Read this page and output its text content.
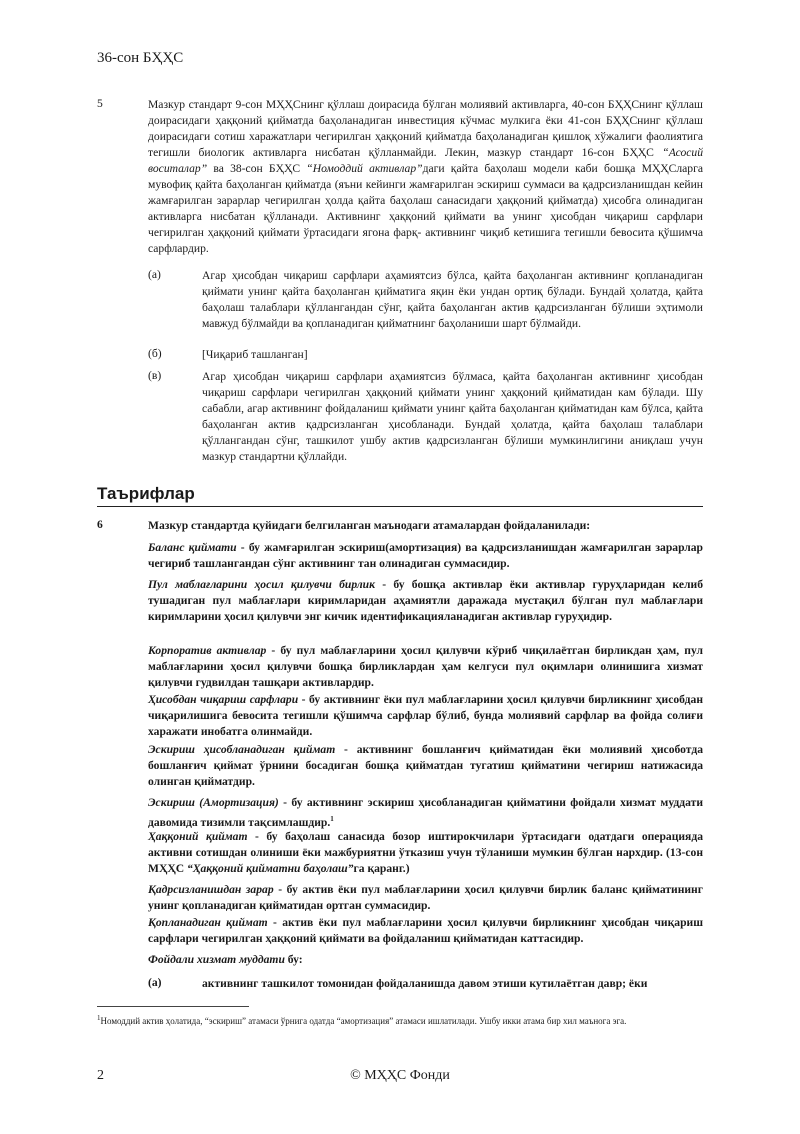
36-сон БҲҲС
5	Мазкур стандарт 9-сон МҲҲСнинг қўллаш доирасида бўлган молиявий активларга, 40-сон БҲҲСнинг қўллаш доирасидаги ҳаққоний қийматда баҳоланадиган инвестиция кўчмас мулкига ёки 41-сон БҲҲСнинг қўллаш доирасидаги сотиш харажатлари чегирилган ҳаққоний қийматда баҳоланадиган қишлоқ хўжалиги фаолиятига тегишли биологик активларга нисбатан қўлланмайди. Лекин, мазкур стандарт 16-сон БҲҲС “Асосий воситалар” ва 38-сон БҲҲС “Номоддий активлар”даги қайта баҳолаш модели каби бошқа МҲҲСларга мувофиқ қайта баҳоланган қийматда (яъни кейинги жамғарилган эскириш суммаси ва қадрсизланишдан кейин жамғарилган зарарлар чегирилган ҳолда қайта баҳолаш санасидаги ҳаққоний қийматда) ҳисобга олинадиган активларга нисбатан қўлланади. Активнинг ҳаққоний қиймати ва унинг ҳисобдан чиқариш сарфлари чегирилган ҳаққоний қиймати ўртасидаги ягона фарқ- активнинг чиқиб кетишига тегишли бевосита қўшимча сарфлардир.
(а)	Агар ҳисобдан чиқариш сарфлари аҳамиятсиз бўлса, қайта баҳоланган активнинг қопланадиган қиймати унинг қайта баҳоланган қийматига яқин ёки ундан ортиқ бўлади. Бундай ҳолатда, қайта баҳолаш талаблари қўллангандан сўнг, қайта баҳоланган актив қадрсизланган бўлиши эҳтимоли мавжуд бўлмайди ва қопланадиган қийматнинг баҳоланиши шарт бўлмайди.
(б)	[Чиқариб ташланган]
(в)	Агар ҳисобдан чиқариш сарфлари аҳамиятсиз бўлмаса, қайта баҳоланган активнинг ҳисобдан чиқариш сарфлари чегирилган ҳаққоний қиймати унинг ҳаққоний қийматидан кам бўлади. Шу сабабли, агар активнинг фойдаланиш қиймати унинг қайта баҳоланган қийматидан кам бўлса, қайта баҳоланган актив қадрсизланган ҳисобланади. Бундай ҳолатда, қайта баҳолаш талаблари қўллангандан сўнг, ташкилот ушбу актив қадрсизланган бўлиши мумкинлигини аниқлаш учун мазкур стандартни қўллайди.
Таърифлар
6	Мазкур стандартда қуйидаги белгиланган маънодаги атамалардан фойдаланилади:
Баланс қиймати - бу жамғарилган эскириш(амортизация) ва қадрсизланишдан жамғарилган зарарлар чегириб ташлангандан сўнг активнинг тан олинадиган суммасидир.
Пул маблағларини ҳосил қилувчи бирлик - бу бошқа активлар ёки активлар гуруҳларидан келиб тушадиган пул маблағлари киримларидан аҳамиятли даражада мустақил бўлган пул маблағлари киримларини ҳосил қилувчи энг кичик идентификацияланадиган активлар гуруҳидир.
Корпоратив активлар - бу пул маблағларини ҳосил қилувчи кўриб чиқилаётган бирликдан ҳам, пул маблағларини ҳосил қилувчи бошқа бирликлардан ҳам келгуси пул оқимлари олинишига хизмат қилувчи гудвилдан ташқари активлардир.
Ҳисобдан чиқариш сарфлари - бу активнинг ёки пул маблағларини ҳосил қилувчи бирликнинг ҳисобдан чиқарилишига бевосита тегишли қўшимча сарфлар бўлиб, бунда молиявий сарфлар ва фойда солиғи харажати инобатга олинмайди.
Эскириш ҳисобланадиган қиймат - активнинг бошланғич қийматидан ёки молиявий ҳисоботда бошланғич қиймат ўрнини босадиган бошқа қийматдан тугатиш қийматини чегириш натижасида олинган қийматдир.
Эскириш (Амортизация) - бу активнинг эскириш ҳисобланадиган қийматини фойдали хизмат муддати давомида тизимли тақсимлашдир.$^1$
Ҳаққоний қиймат - бу баҳолаш санасида бозор иштирокчилари ўртасидаги одатдаги операцияда активни сотишдан олиниши ёки мажбуриятни ўтказиш учун тўланиши мумкин бўлган нархдир. (13-сон МҲҲС “Ҳаққоний қийматни баҳолаш”га қаранг.)
Қадрсизланишдан зарар - бу актив ёки пул маблағларини ҳосил қилувчи бирлик баланс қийматининг унинг қопланадиган қийматидан ортган суммасидир.
Қопланадиган қиймат - актив ёки пул маблағларини ҳосил қилувчи бирликнинг ҳисобдан чиқариш сарфлари чегирилган ҳаққоний қиймати ва фойдаланиш қийматидан каттасидир.
Фойдали хизмат муддати бу:
(а)	активнинг ташкилот томонидан фойдаланишда давом этиши кутилаётган давр; ёки
$^1$Номоддий актив ҳолатида, “эскириш” атамаси ўрнига одатда “амортизация” атамаси ишлатилади. Ушбу икки атама бир хил маънога эга.
2	© МҲҲС Фонди
